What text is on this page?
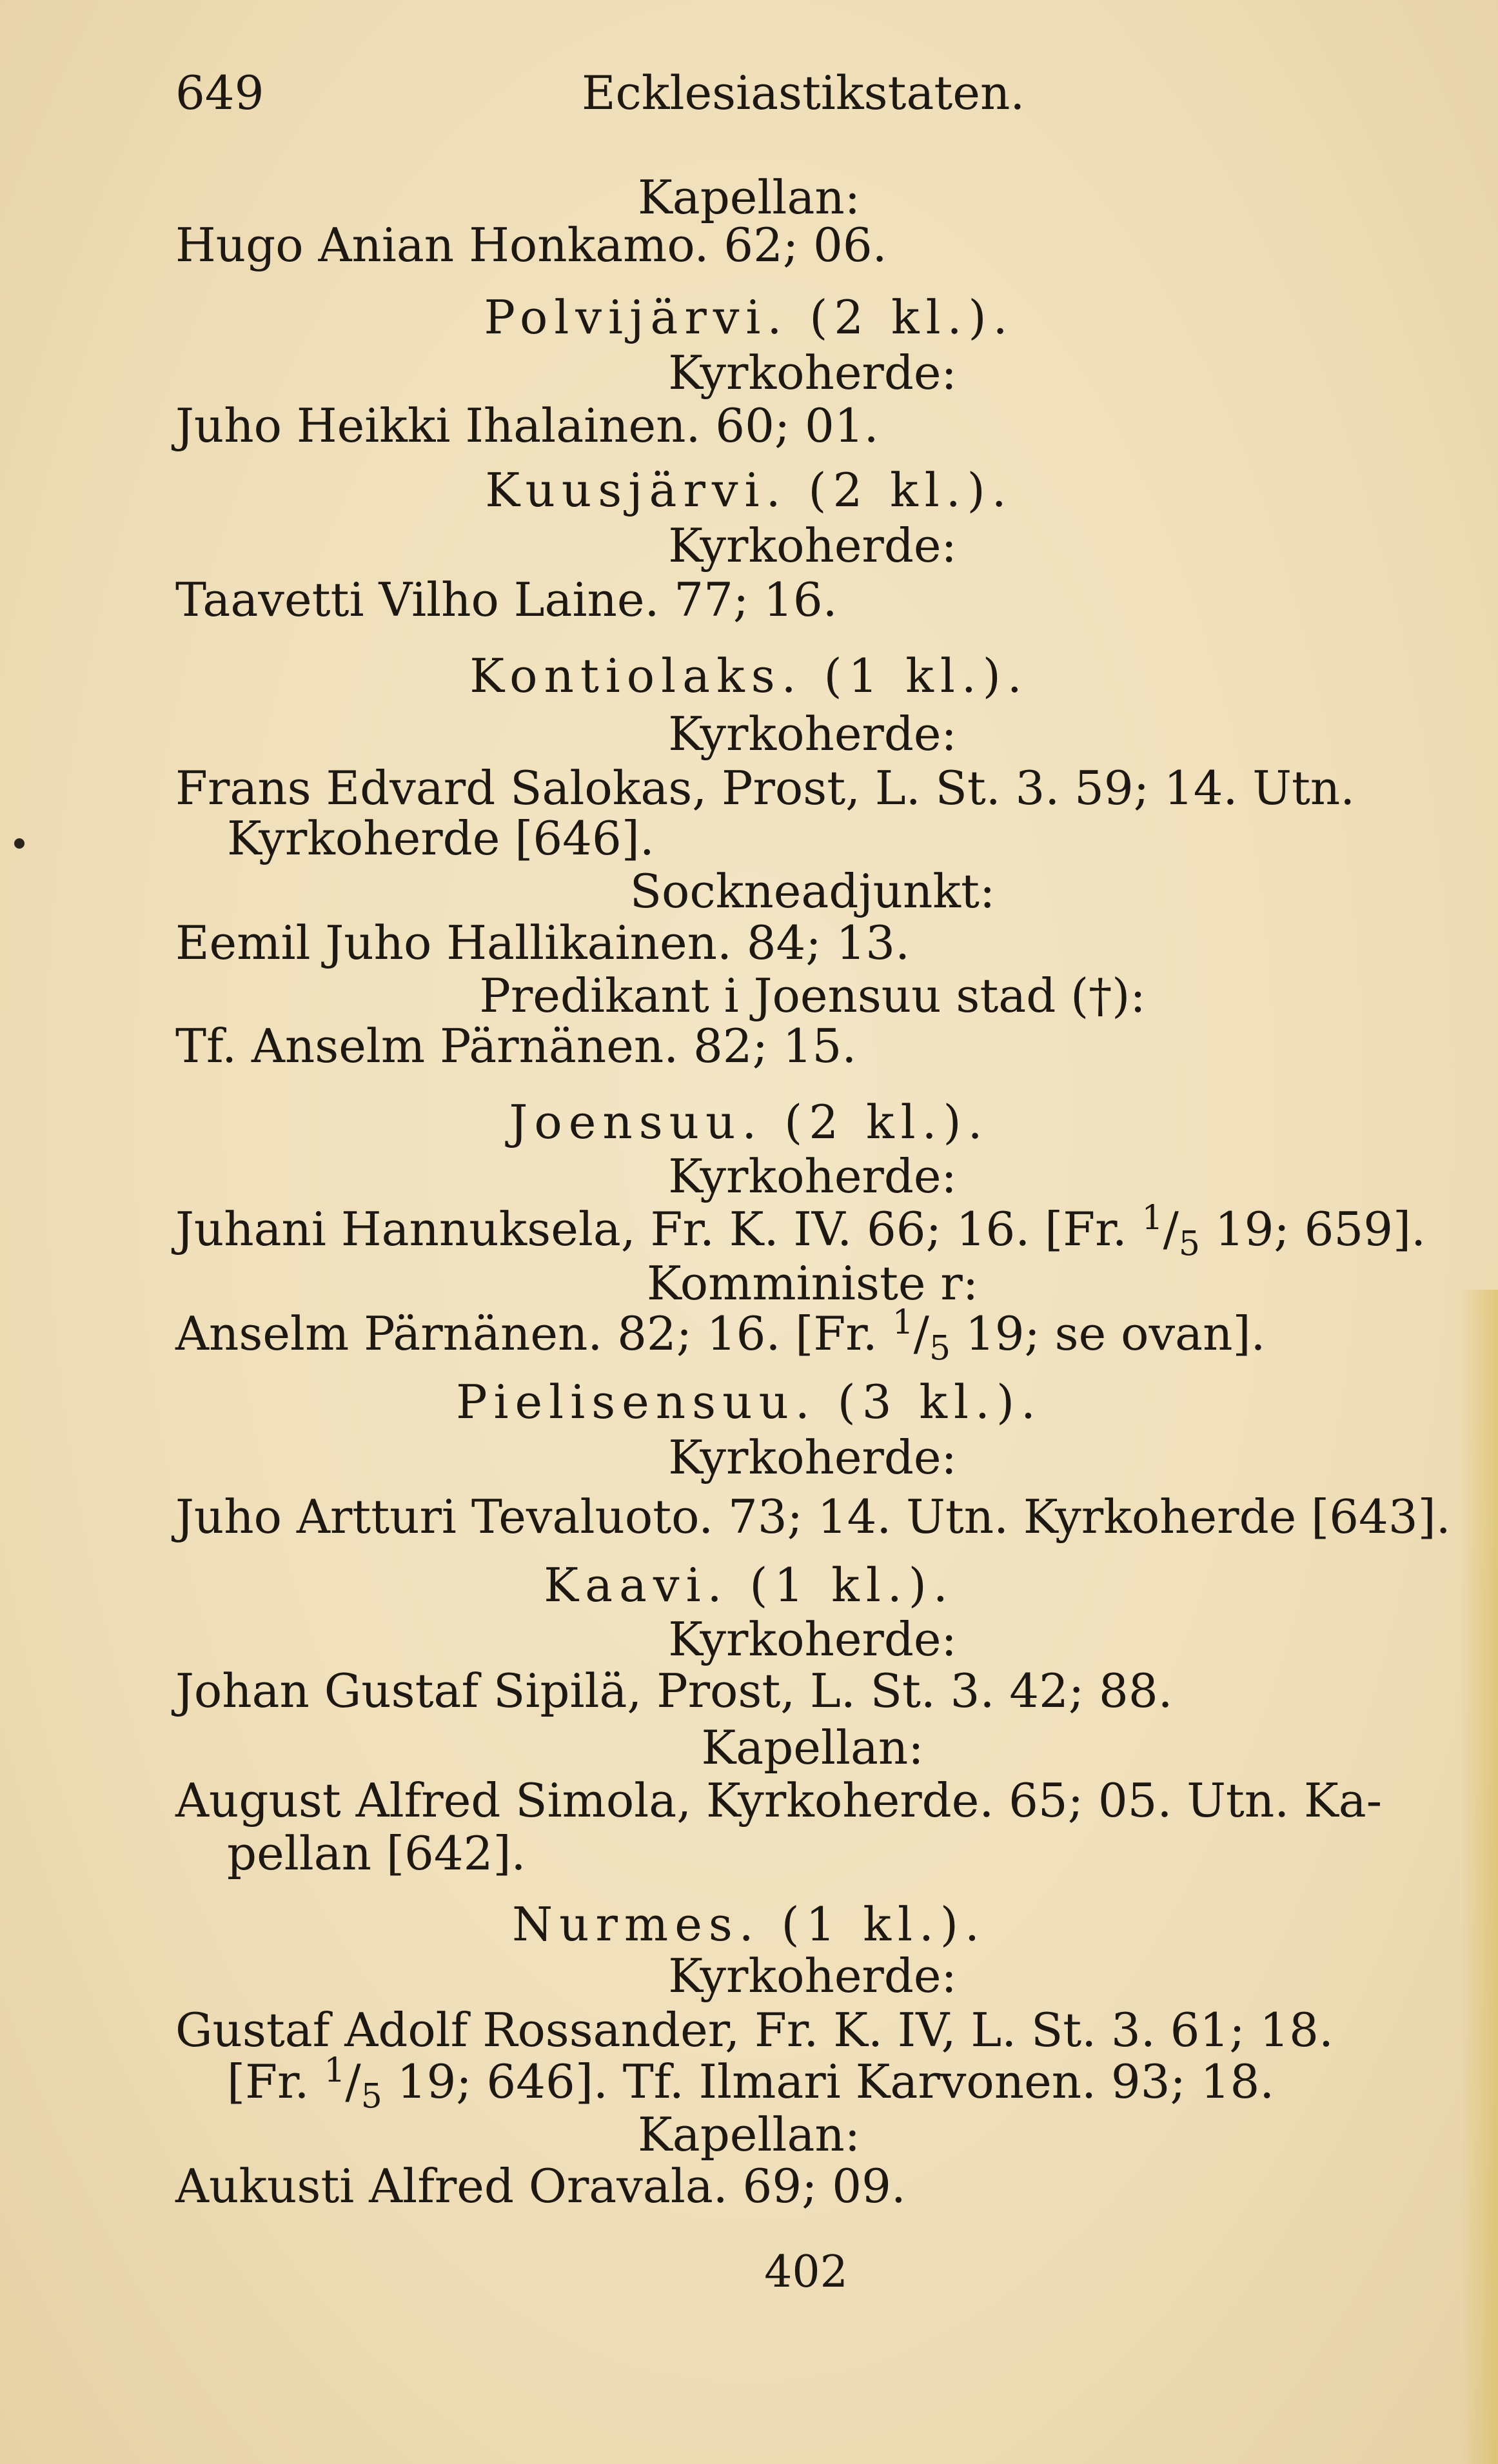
649	Ecklesiastikstaten.
Kapellan:
Hugo Anian Honkamo. 62; 06.
Polvijärvi. (2 kl.).
Kyrkoherde:
Juho Heikki Ihalainen. 60; 01.
Kuusjärvi. (2 kl.).
Kyrkoherde:
Taavetti Vilho Laine. 77; 16.
Kontiolaks. (1 kl.).
Kyrkoherde:
Frans Edvard Salokas, Prost, L. St. 3. 59; 14. Utn.
Kyrkoherde [646].
Sockneadjunkt:
Eemil Juho Hallikainen. 84; 13.
Predikant i Joensuu stad (†):
Tf. Anselm Pärnänen. 82; 15.
Joensuu. (2 kl.).
Kyrkoherde:
Juhani Hannuksela, Fr. K. IV. 66; 16. [Fr. $^1/_5$ 19; 659].
Komministe r:
Anselm Pärnänen. 82; 16. [Fr. $^1/_5$ 19; se ovan].
Pielisensuu. (3 kl.).
Kyrkoherde:
Juho Artturi Tevaluoto. 73; 14. Utn. Kyrkoherde [643].
Kaavi. (1 kl.).
Kyrkoherde:
Johan Gustaf Sipilä, Prost, L. St. 3. 42; 88.
Kapellan:
August Alfred Simola, Kyrkoherde. 65; 05. Utn. Ka-
pellan [642].
Nurmes. (1 kl.).
Kyrkoherde:
Gustaf Adolf Rossander, Fr. K. IV, L. St. 3. 61; 18.
[Fr. $^1/_5$ 19; 646]. Tf. Ilmari Karvonen. 93; 18.
Kapellan:
Aukusti Alfred Oravala. 69; 09.
402
